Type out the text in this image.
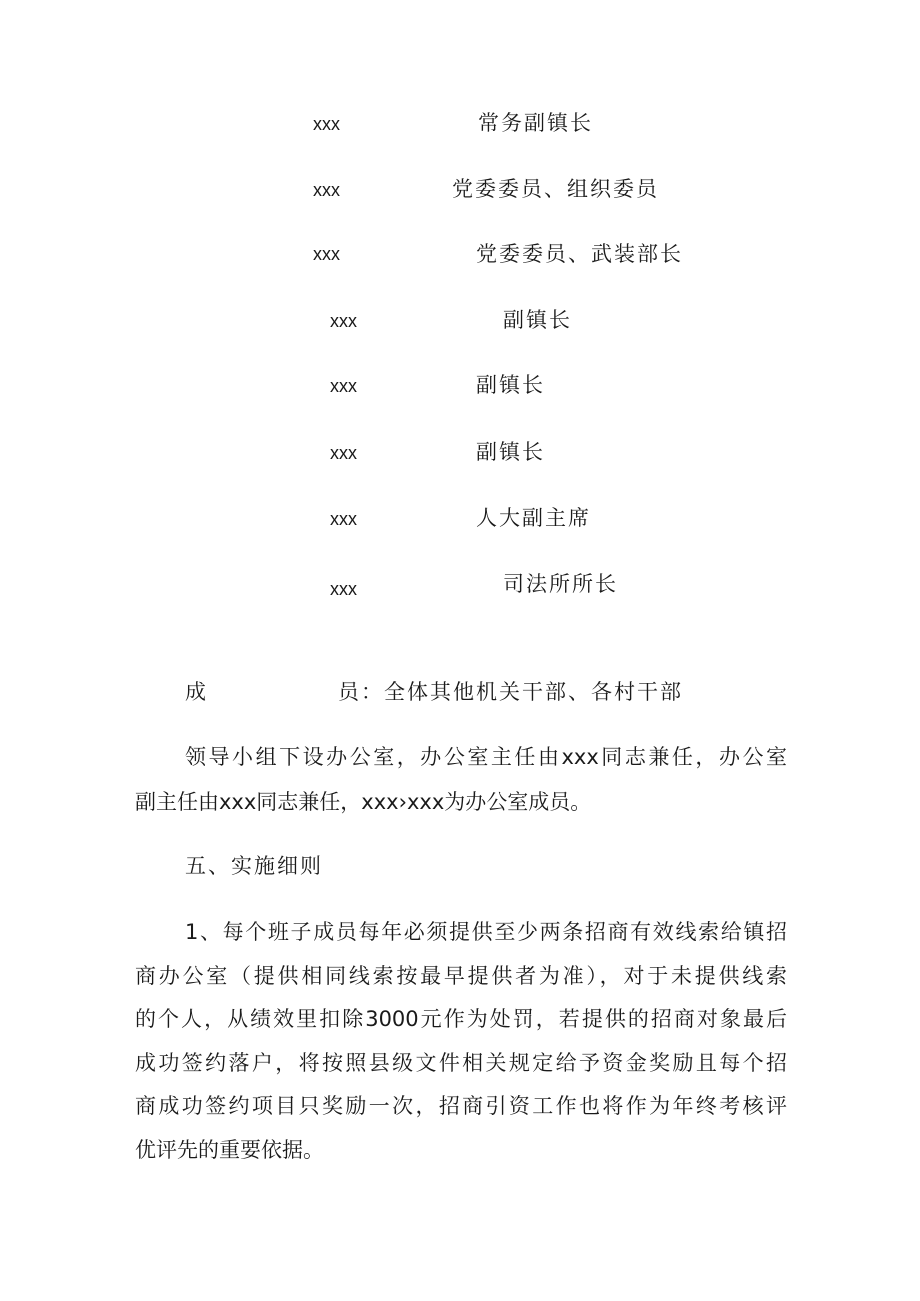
xxx	常务副镇长
xxx	党委委员、组织委员
xxx	党委委员、武装部长
xxx	副镇长
xxx	副镇长
xxx	副镇长
xxx	人大副主席
xxx	司法所所长
成	员：全体其他机关干部、各村干部
领导小组下设办公室，办公室主任由xxx同志兼任，办公室
副主任由xxx同志兼任，xxx›xxx为办公室成员。
五、实施细则
1、每个班子成员每年必须提供至少两条招商有效线索给镇招
商办公室（提供相同线索按最早提供者为准），对于未提供线索
的个人，从绩效里扣除3000元作为处罚，若提供的招商对象最后
成功签约落户，将按照县级文件相关规定给予资金奖励且每个招
商成功签约项目只奖励一次，招商引资工作也将作为年终考核评
优评先的重要依据。
